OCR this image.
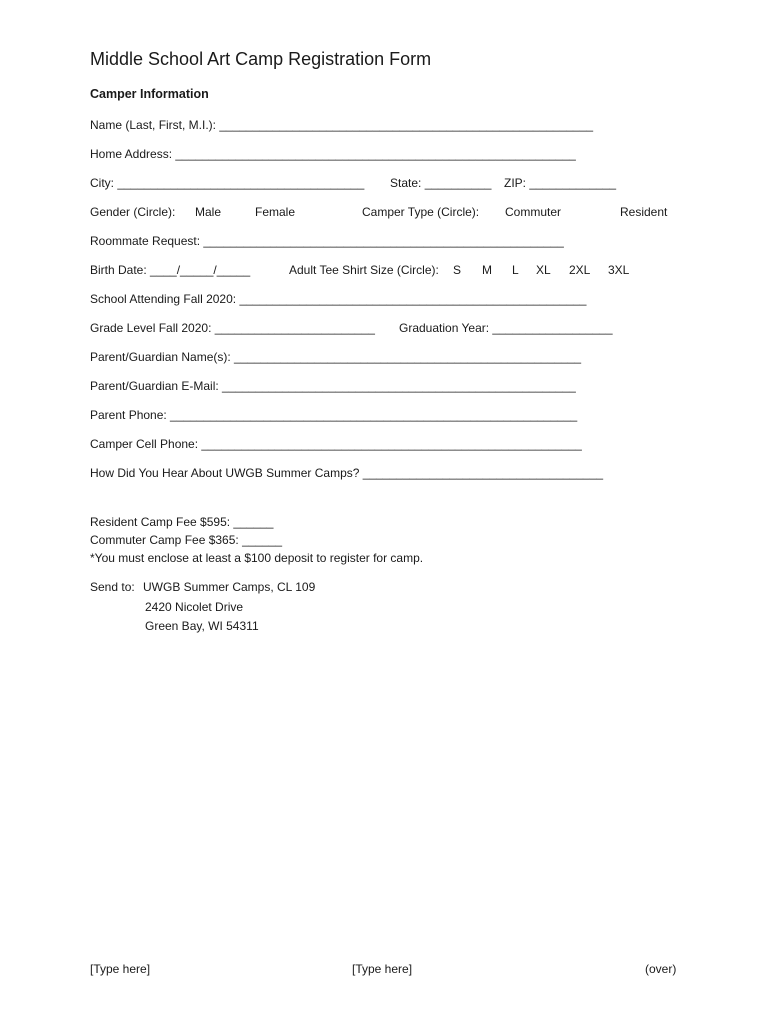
Middle School Art Camp Registration Form
Camper Information
Name (Last, First, M.I.): ________________________________________________________
Home Address: ____________________________________________________________
City: _____________________________________ State: __________ ZIP: _____________
Gender (Circle): Male	Female	Camper Type (Circle): Commuter	Resident
Roommate Request: ______________________________________________________
Birth Date: ____/_____/_____	Adult Tee Shirt Size (Circle): S M L XL 2XL 3XL
School Attending Fall 2020: ____________________________________________________
Grade Level Fall 2020: ________________________ Graduation Year: __________________
Parent/Guardian Name(s): ____________________________________________________
Parent/Guardian E-Mail: _____________________________________________________
Parent Phone: _____________________________________________________________
Camper Cell Phone: _________________________________________________________
How Did You Hear About UWGB Summer Camps? ____________________________________
Resident Camp Fee $595: ______
Commuter Camp Fee $365: ______
*You must enclose at least a $100 deposit to register for camp.
Send to: UWGB Summer Camps, CL 109
2420 Nicolet Drive
Green Bay, WI 54311
[Type here]	[Type here]	(over)
